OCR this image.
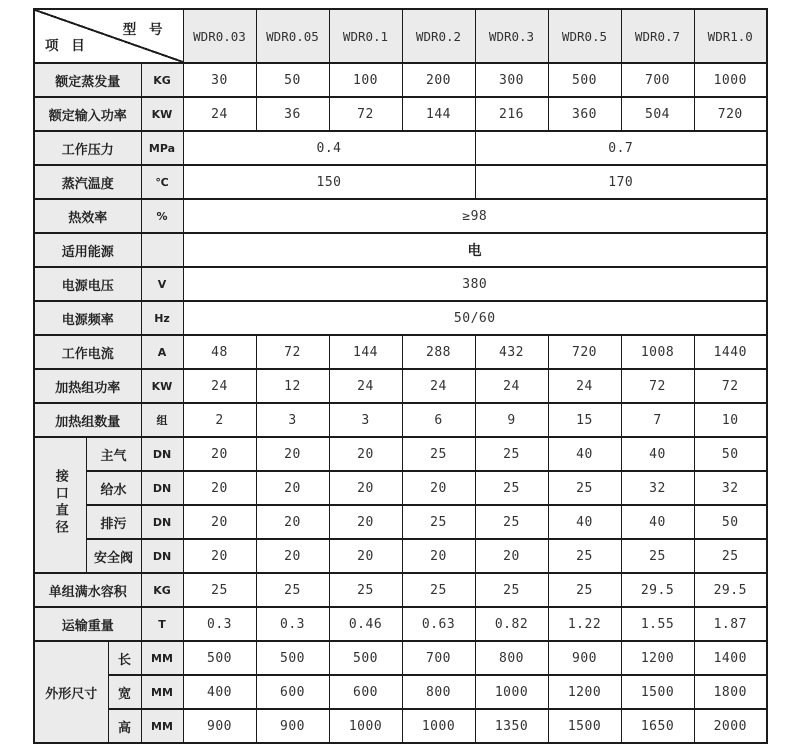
型 号
项 目				WDR0.03	WDR0.05	WDR0.1	WDR0.2	WDR0.3	WDR0.5	WDR0.7	WDR1.0
额定蒸发量			KG	30	50	100	200	300	500	700	1000
额定输入功率			KW	24	36	72	144	216	360	504	720
工作压力			MPa	0.4				0.7			
蒸汽温度			℃	150				170			
热效率			%	≥98							
适用能源				电							
电源电压			V	380							
电源频率			Hz	50/60							
工作电流			A	48	72	144	288	432	720	1008	1440
加热组功率			KW	24	12	24	24	24	24	72	72
加热组数量			组	2	3	3	6	9	15	7	10
接口直径	主气		DN	20	20	20	25	25	40	40	50
	给水		DN	20	20	20	20	25	25	32	32
	排污		DN	20	20	20	25	25	40	40	50
	安全阀		DN	20	20	20	20	20	25	25	25
单组满水容积			KG	25	25	25	25	25	25	29.5	29.5
运输重量			T	0.3	0.3	0.46	0.63	0.82	1.22	1.55	1.87
外形尺寸		长	MM	500	500	500	700	800	900	1200	1400
		宽	MM	400	600	600	800	1000	1200	1500	1800
		高	MM	900	900	1000	1000	1350	1500	1650	2000
